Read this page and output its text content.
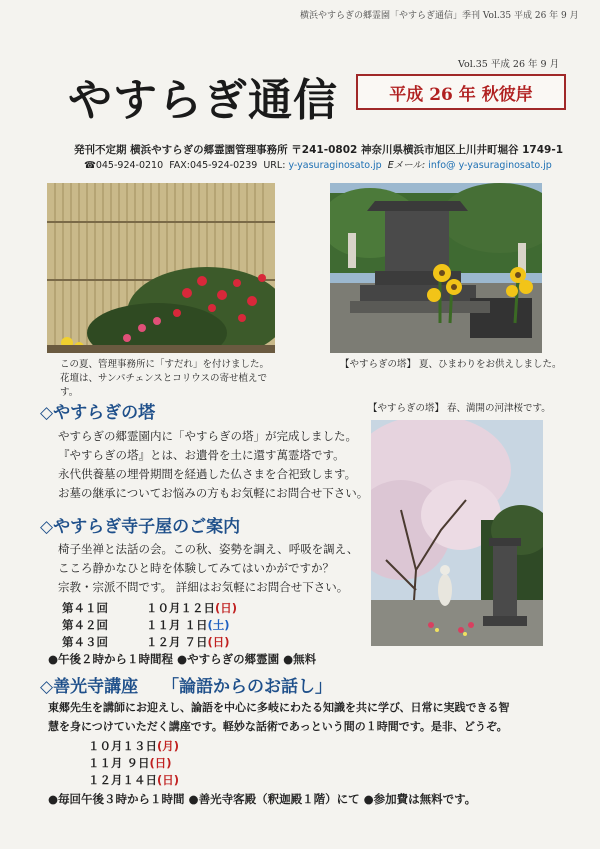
横浜やすらぎの郷霊園「やすらぎ通信」季刊 Vol.35 平成 26 年 9 月
Vol.35 平成 26 年 9 月
やすらぎ通信	平成 26 年 秋彼岸
発刊不定期 横浜やすらぎの郷霊園管理事務所 〒241-0802 神奈川県横浜市旭区上川井町堀谷 1749-1
☎045-924-0210 FAX:045-924-0239 URL: y-yasuraginosato.jp Eメール: info@ y-yasuraginosato.jp
この夏、管理事務所に「すだれ」を付けました。
花壇は、サンパチェンスとコリウスの寄せ植えで
す。
【やすらぎの塔】 夏、ひまわりをお供えしました。
【やすらぎの塔】 春、満開の河津桜です。
◇やすらぎの塔
やすらぎの郷霊園内に「やすらぎの塔」が完成しました。
『やすらぎの塔』とは、お遺骨を土に還す萬霊塔です。
永代供養墓の埋骨期間を経過した仏さまを合祀致します。
お墓の継承についてお悩みの方もお気軽にお問合せ下さい。
◇やすらぎ寺子屋のご案内
椅子坐禅と法話の会。この秋、姿勢を調え、呼吸を調え、
こころ静かなひと時を体験してみてはいかがですか？
宗教・宗派不問です。 詳細はお気軽にお問合せ下さい。
第４１回	１０月１２日(日)
第４２回	１１月 １日(土)
第４３回	１２月 ７日(日)
●午後２時から１時間程 ●やすらぎの郷霊園 ●無料
◇善光寺講座 「論語からのお話し」
東郷先生を講師にお迎えし、論語を中心に多岐にわたる知識を共に学び、日常に実践できる智
慧を身につけていただく講座です。軽妙な話術であっという間の１時間です。是非、どうぞ。
１０月１３日(月)
１１月 ９日(日)
１２月１４日(日)
●毎回午後３時から１時間 ●善光寺客殿（釈迦殿１階）にて ●参加費は無料です。
